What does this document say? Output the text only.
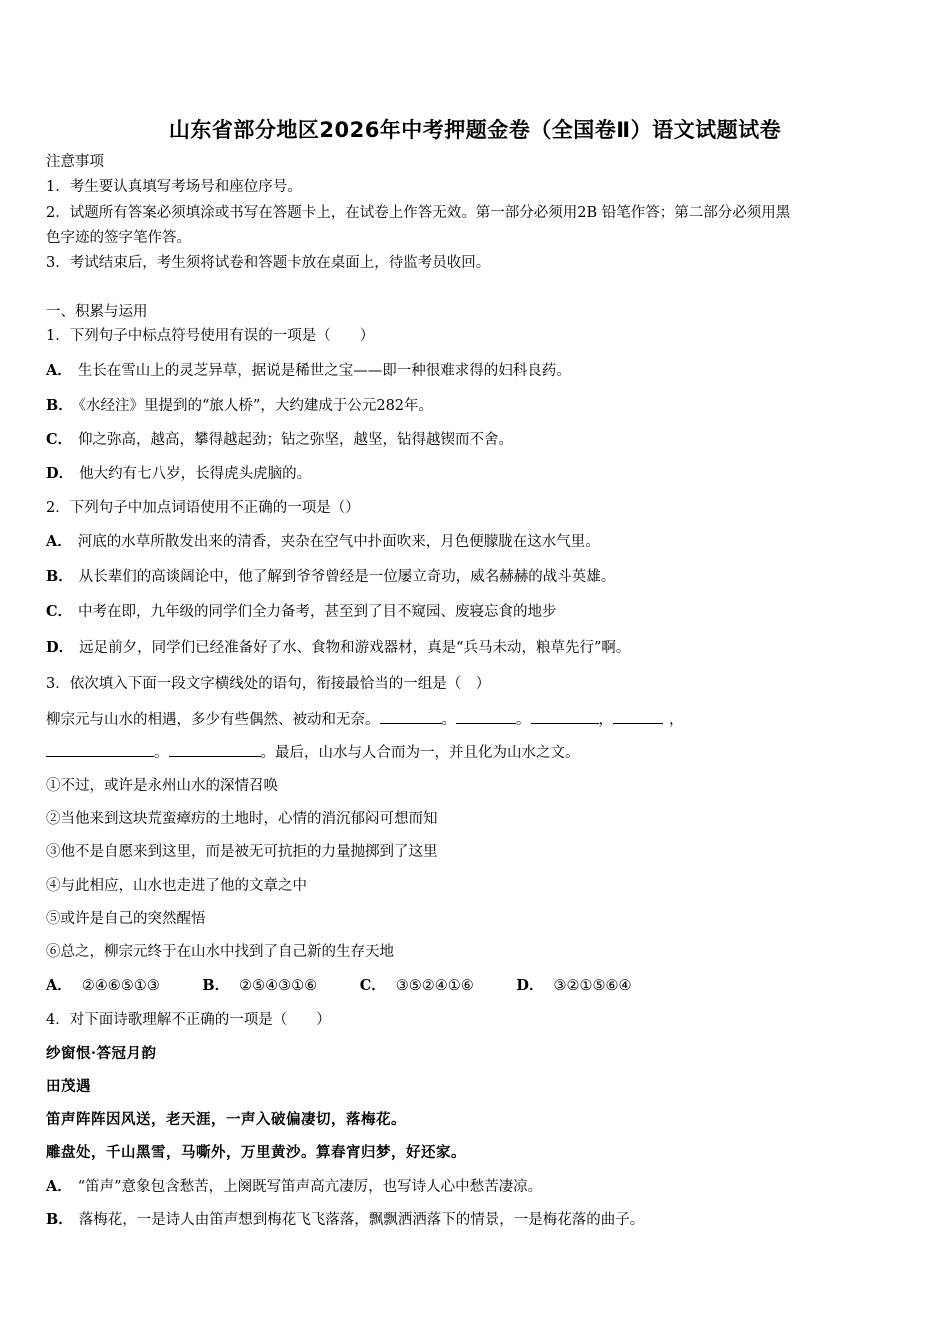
山东省部分地区2026年中考押题金卷（全国卷Ⅱ）语文试题试卷
注意事项
1．考生要认真填写考场号和座位序号。
2．试题所有答案必须填涂或书写在答题卡上，在试卷上作答无效。第一部分必须用2B 铅笔作答；第二部分必须用黑
色字迹的签字笔作答。
3．考试结束后，考生须将试卷和答题卡放在桌面上，待监考员收回。
一、积累与运用
1．下列句子中标点符号使用有误的一项是（　　）
A． 生长在雪山上的灵芝异草，据说是稀世之宝——即一种很难求得的妇科良药。
B． 《水经注》里提到的“旅人桥”，大约建成于公元282年。
C． 仰之弥高，越高，攀得越起劲；钻之弥坚，越坚，钻得越锲而不舍。
D． 他大约有七八岁，长得虎头虎脑的。
2．下列句子中加点词语使用不正确的一项是（）
A． 河底的水草所散发出来的清香，夹杂在空气中扑面吹来，月色便朦胧在这水气里。
B． 从长辈们的高谈阔论中，他了解到爷爷曾经是一位屡立奇功，威名赫赫的战斗英雄。
C． 中考在即，九年级的同学们全力备考，甚至到了目不窥园、废寝忘食的地步
D． 远足前夕，同学们已经准备好了水、食物和游戏器材，真是“兵马未动，粮草先行”啊。
3．依次填入下面一段文字横线处的语句，衔接最恰当的一组是（　）
柳宗元与山水的相遇，多少有些偶然、被动和无奈。	。	。	，	，
。	。最后，山水与人合而为一，并且化为山水之文。
①不过，或许是永州山水的深情召唤
②当他来到这块荒蛮瘴疠的土地时，心情的消沉郁闷可想而知
③他不是自愿来到这里，而是被无可抗拒的力量抛掷到了这里
④与此相应，山水也走进了他的文章之中
⑤或许是自己的突然醒悟
⑥总之，柳宗元终于在山水中找到了自己新的生存天地
A． ②④⑥⑤①③	B． ②⑤④③①⑥	C． ③⑤②④①⑥	D． ③②①⑤⑥④
4．对下面诗歌理解不正确的一项是（　　）
纱窗恨·答冠月韵
田茂遇
笛声阵阵因风送，老天涯，一声入破偏凄切，落梅花。
雕盘处，千山黑雪，马嘶外，万里黄沙。算春宵归梦，好还家。
A． “笛声”意象包含愁苦，上阕既写笛声高亢凄厉，也写诗人心中愁苦凄凉。
B． 落梅花，一是诗人由笛声想到梅花飞飞落落，飘飘洒洒落下的情景，一是梅花落的曲子。
